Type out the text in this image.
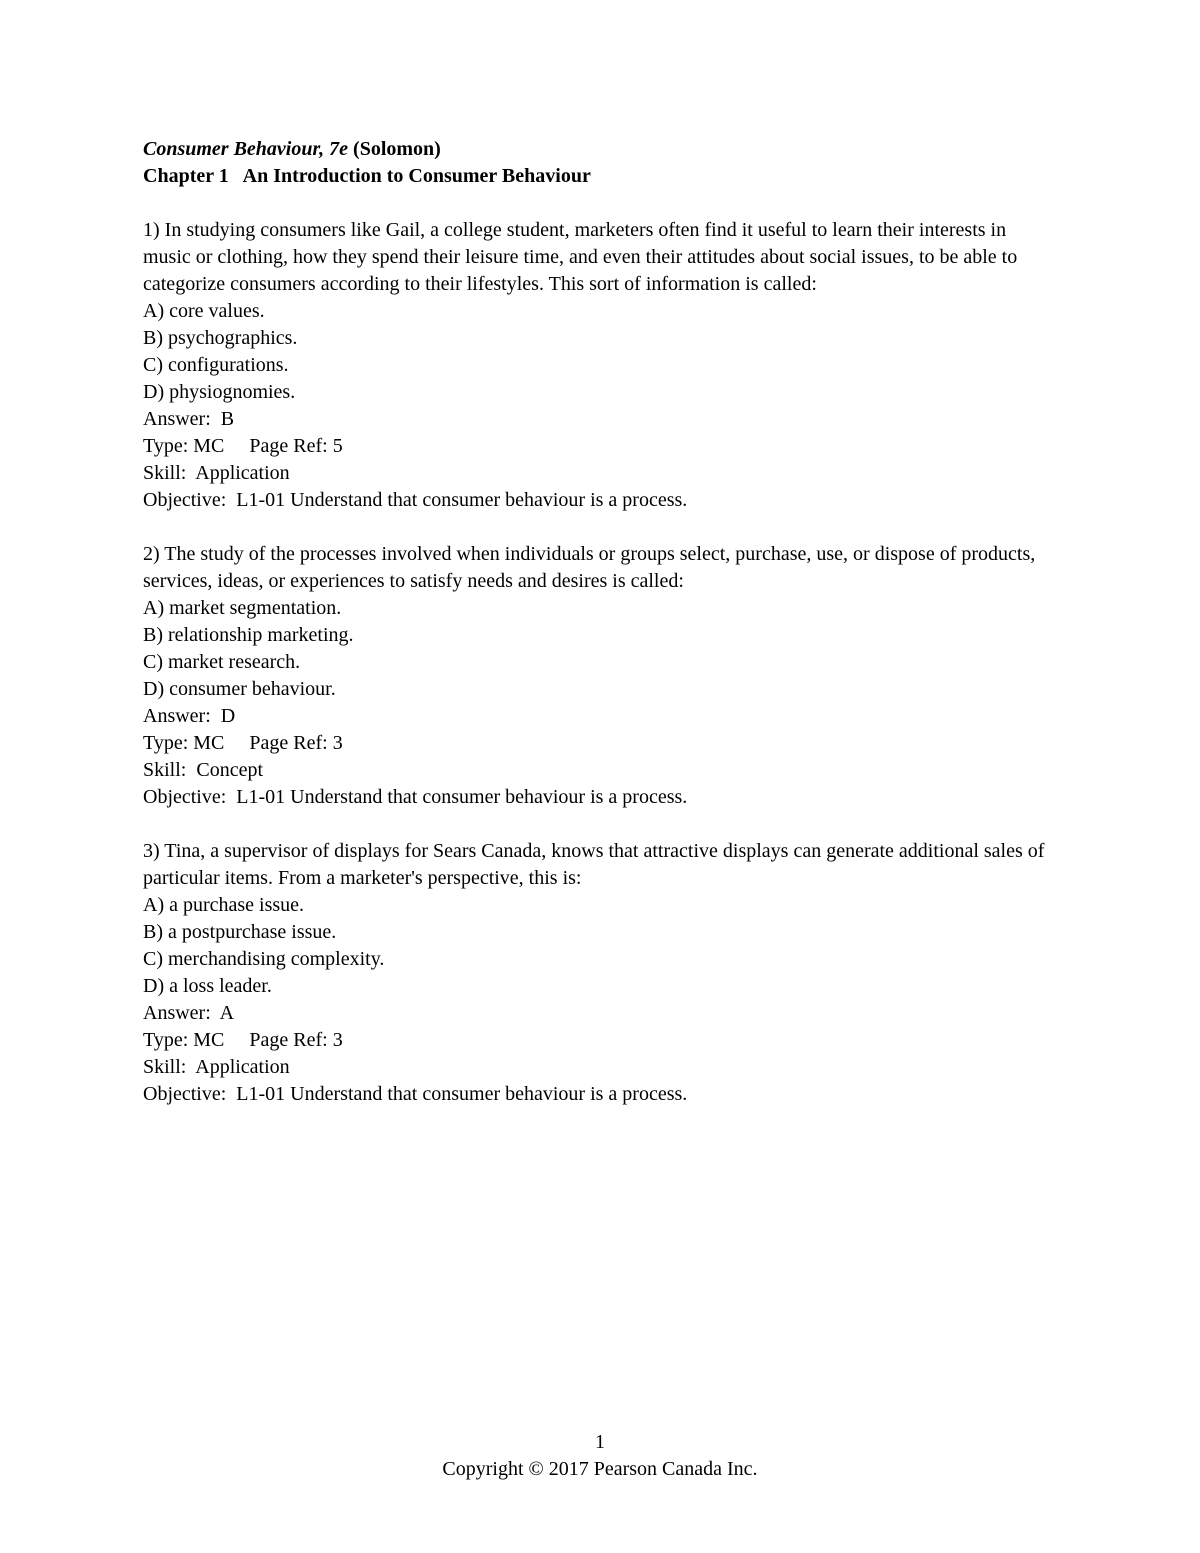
Consumer Behaviour, 7e (Solomon)
Chapter 1   An Introduction to Consumer Behaviour

1) In studying consumers like Gail, a college student, marketers often find it useful to learn their interests in music or clothing, how they spend their leisure time, and even their attitudes about social issues, to be able to categorize consumers according to their lifestyles. This sort of information is called:

A) core values.
B) psychographics.
C) configurations.
D) physiognomies.
Answer:  B
Type: MC     Page Ref: 5
Skill:  Application
Objective:  L1-01 Understand that consumer behaviour is a process.

2) The study of the processes involved when individuals or groups select, purchase, use, or dispose of products, services, ideas, or experiences to satisfy needs and desires is called:

A) market segmentation.
B) relationship marketing.
C) market research.
D) consumer behaviour.
Answer:  D
Type: MC     Page Ref: 3
Skill:  Concept
Objective:  L1-01 Understand that consumer behaviour is a process.

3) Tina, a supervisor of displays for Sears Canada, knows that attractive displays can generate additional sales of particular items. From a marketer's perspective, this is:

A) a purchase issue.
B) a postpurchase issue.
C) merchandising complexity.
D) a loss leader.
Answer:  A
Type: MC     Page Ref: 3
Skill:  Application
Objective:  L1-01 Understand that consumer behaviour is a process.
1
Copyright © 2017 Pearson Canada Inc.
